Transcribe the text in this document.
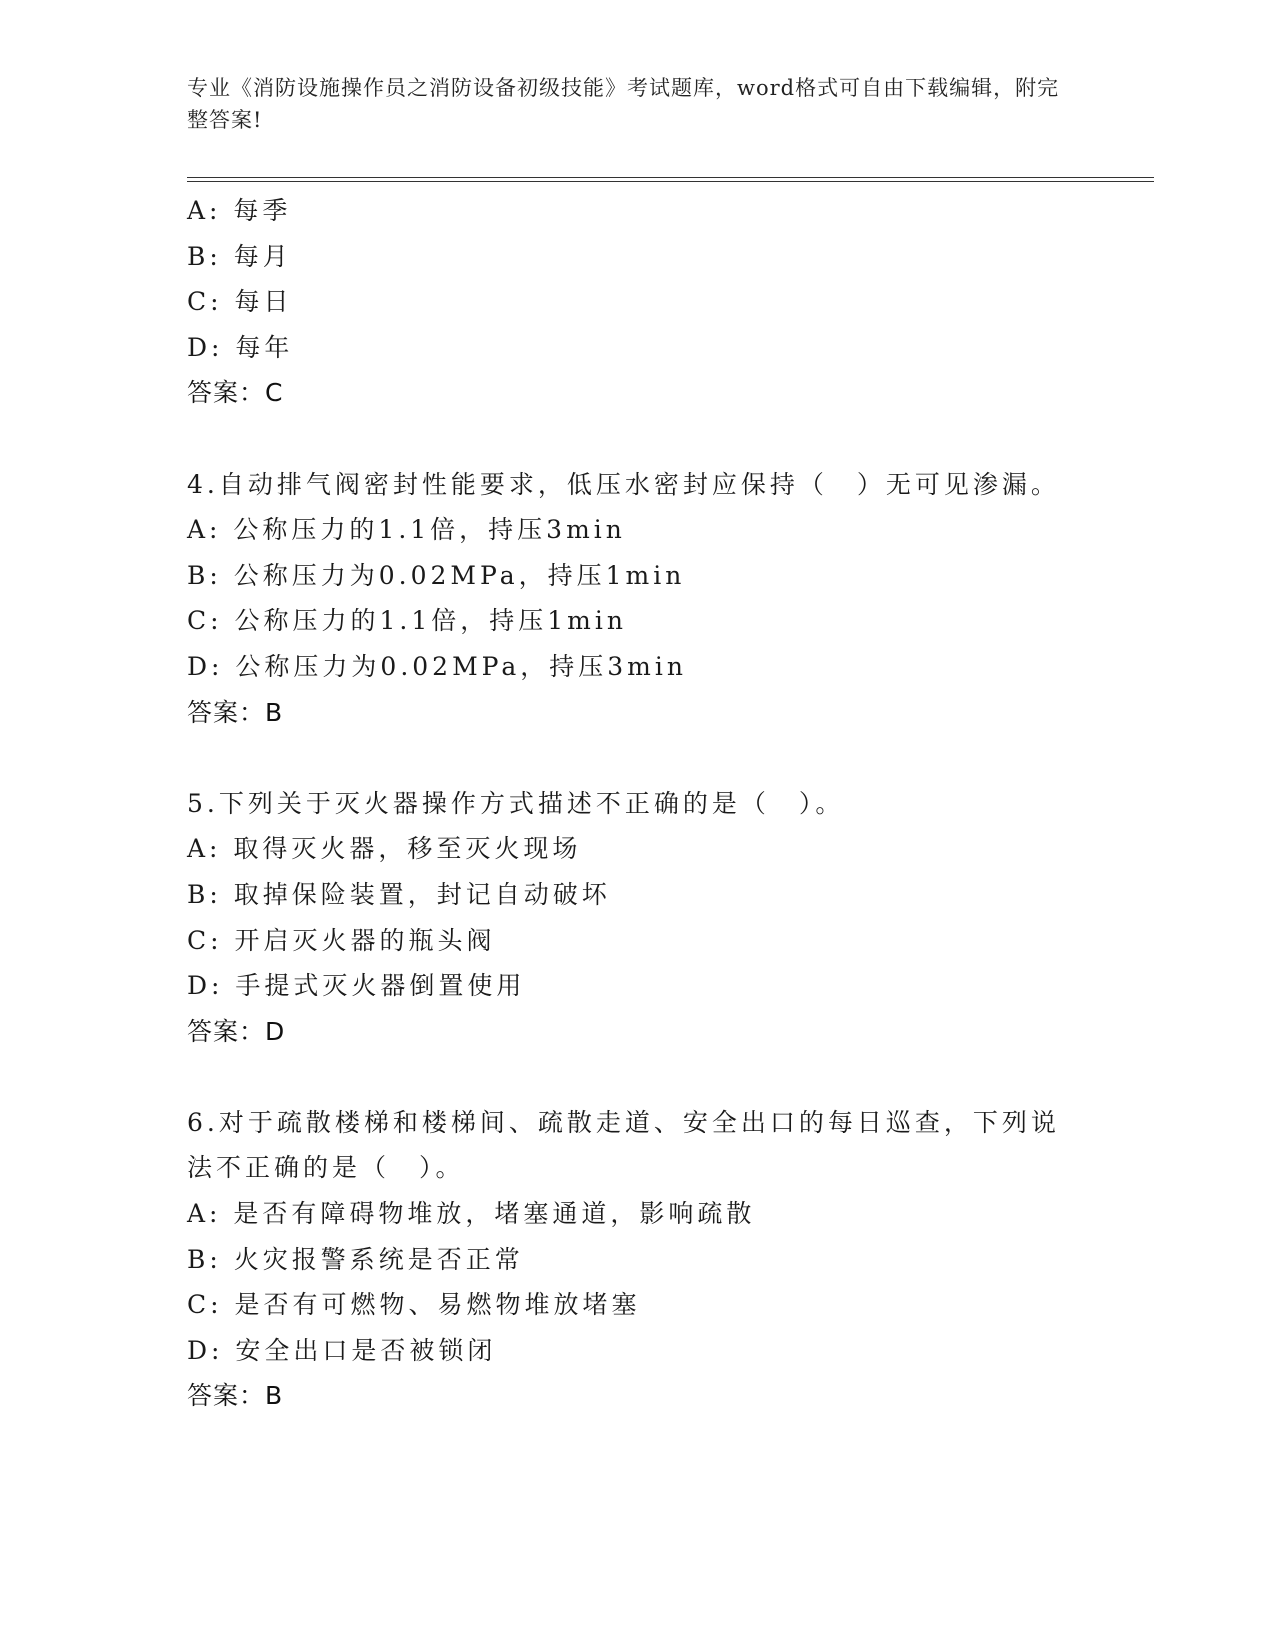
专业《消防设施操作员之消防设备初级技能》考试题库，word格式可自由下载编辑，附完整答案!
A: 每季
B: 每月
C: 每日
D: 每年
答案：C
4.自动排气阀密封性能要求，低压水密封应保持（　）无可见渗漏。
A: 公称压力的1.1倍，持压3min
B: 公称压力为0.02MPa，持压1min
C: 公称压力的1.1倍，持压1min
D: 公称压力为0.02MPa，持压3min
答案：B
5.下列关于灭火器操作方式描述不正确的是（　）。
A: 取得灭火器，移至灭火现场
B: 取掉保险装置，封记自动破坏
C: 开启灭火器的瓶头阀
D: 手提式灭火器倒置使用
答案：D
6.对于疏散楼梯和楼梯间、疏散走道、安全出口的每日巡查，下列说法不正确的是（　）。
A: 是否有障碍物堆放，堵塞通道，影响疏散
B: 火灾报警系统是否正常
C: 是否有可燃物、易燃物堆放堵塞
D: 安全出口是否被锁闭
答案：B
